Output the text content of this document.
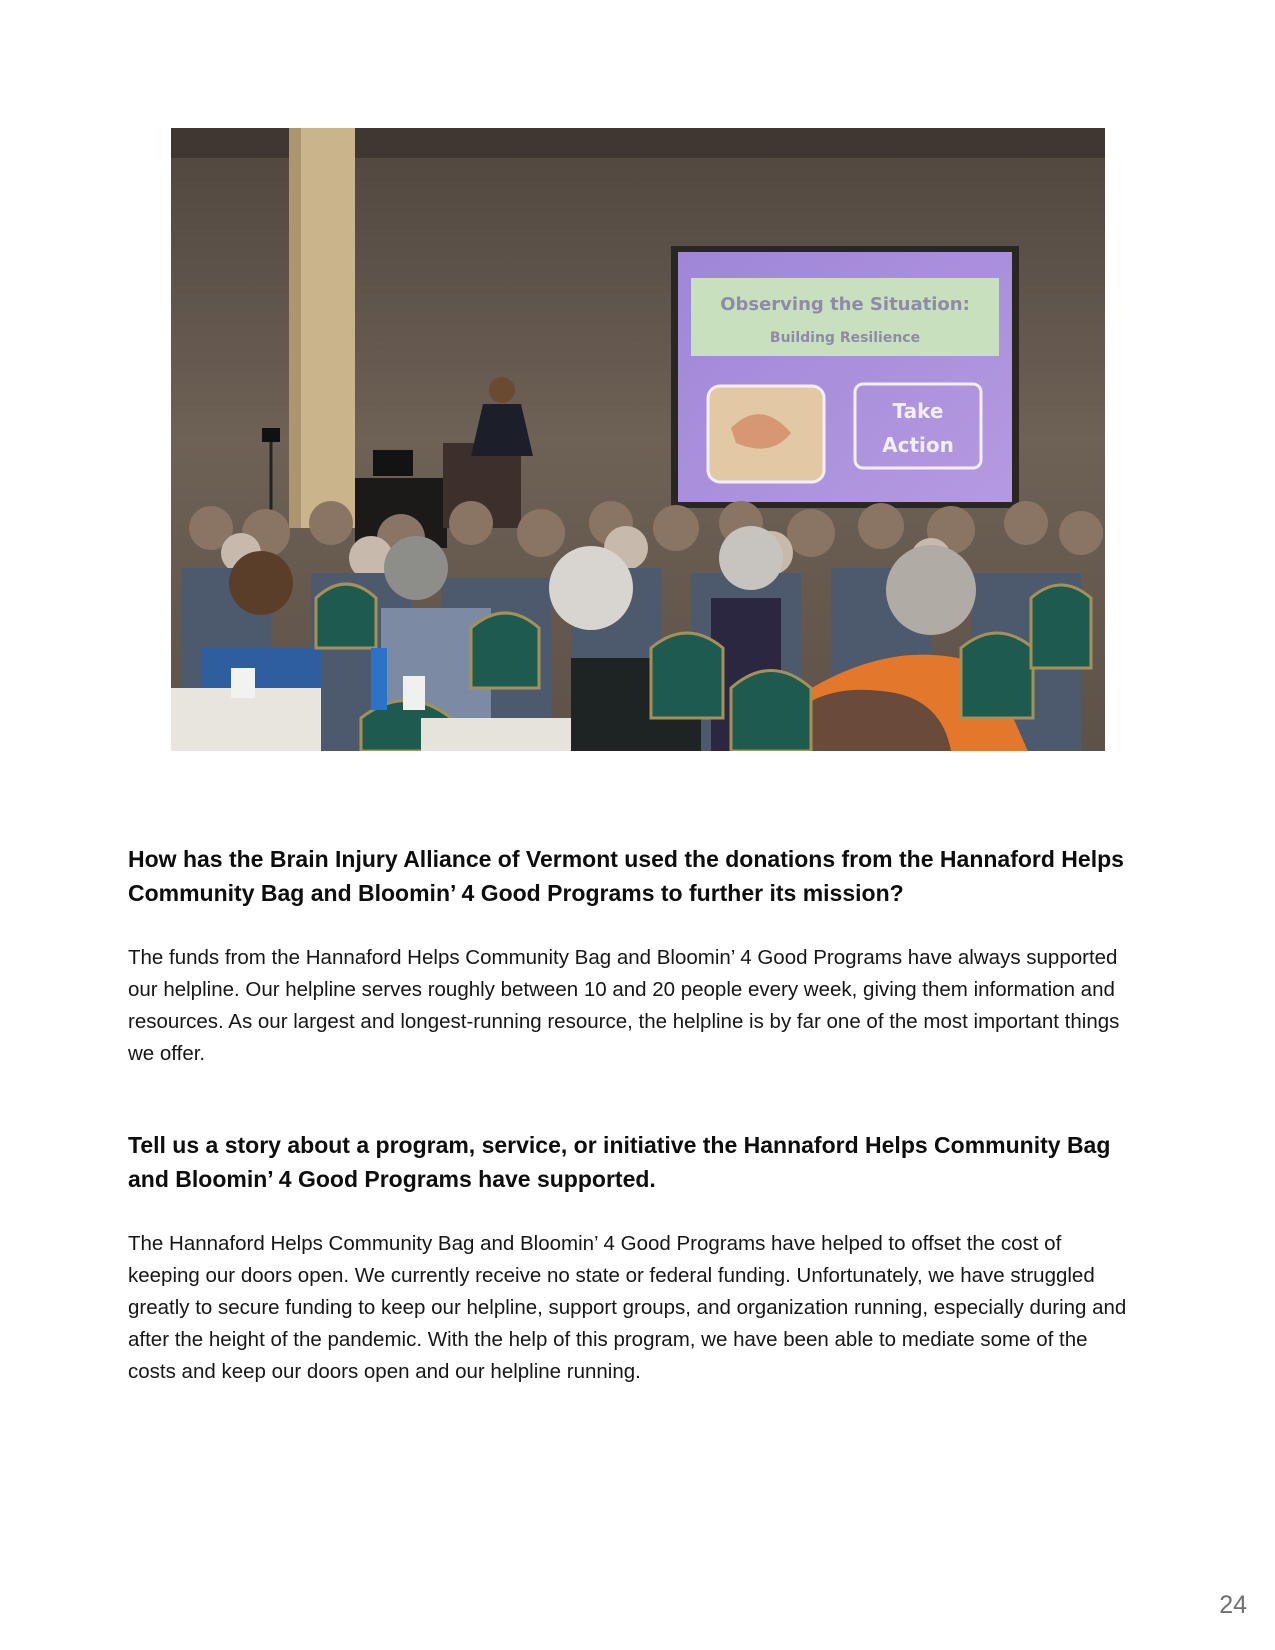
Observing the Situation:
Building Resilience
Take
Action

How has the Brain Injury Alliance of Vermont used the donations from the Hannaford Helps Community Bag and Bloomin’ 4 Good Programs to further its mission?

The funds from the Hannaford Helps Community Bag and Bloomin’ 4 Good Programs have always supported our helpline. Our helpline serves roughly between 10 and 20 people every week, giving them information and resources. As our largest and longest-running resource, the helpline is by far one of the most important things we offer.

Tell us a story about a program, service, or initiative the Hannaford Helps Community Bag and Bloomin’ 4 Good Programs have supported.

The Hannaford Helps Community Bag and Bloomin’ 4 Good Programs have helped to offset the cost of keeping our doors open. We currently receive no state or federal funding. Unfortunately, we have struggled greatly to secure funding to keep our helpline, support groups, and organization running, especially during and after the height of the pandemic. With the help of this program, we have been able to mediate some of the costs and keep our doors open and our helpline running.

24
